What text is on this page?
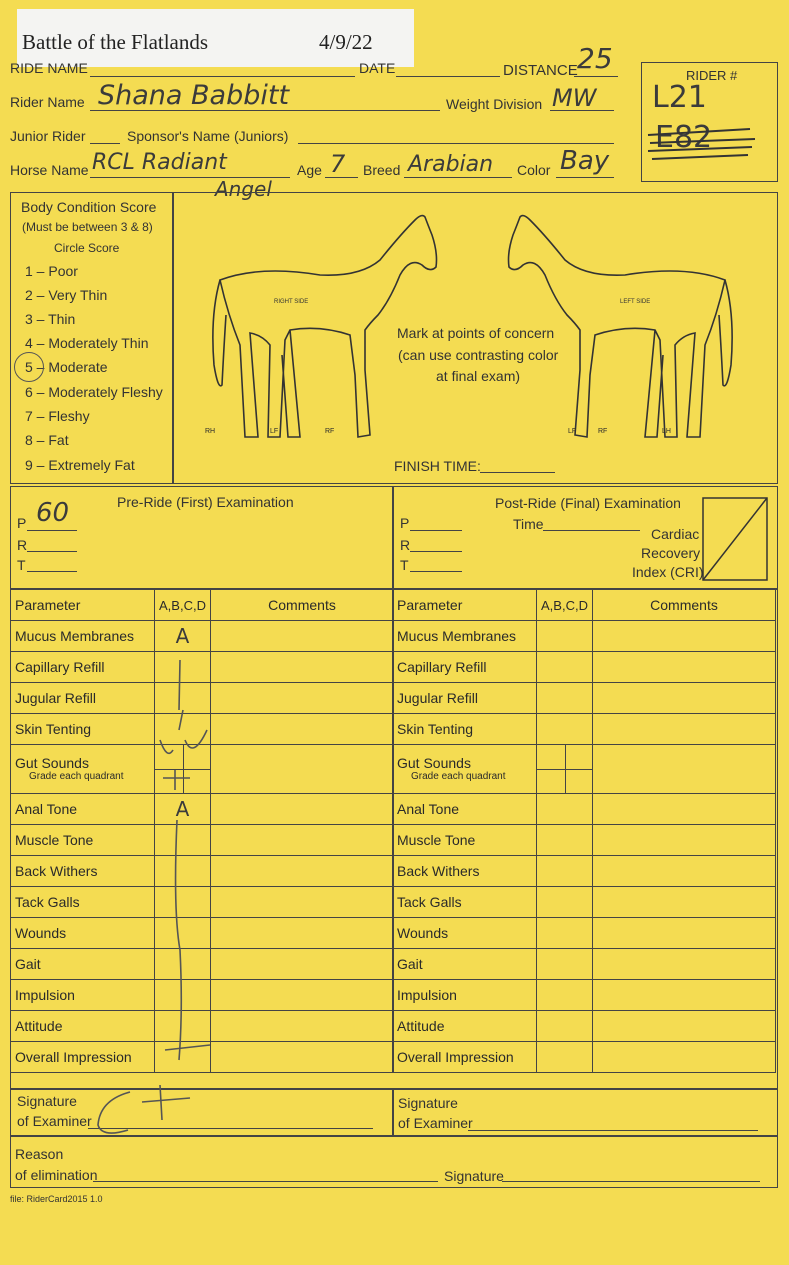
Battle of the Flatlands	4/9/22
RIDE NAME	DATE	DISTANCE 25
RIDER #
L21
E82
Rider Name Shana Babbitt	Weight Division MW
Junior Rider	Sponsor's Name (Juniors)
Horse Name RCL Radiant
Angel
Age 7 Breed Arabian Color Bay
Body Condition Score
(Must be between 3 & 8)
Circle Score
1 – Poor
2 – Very Thin
3 – Thin
4 – Moderately Thin
5 – Moderate
6 – Moderately Fleshy
7 – Fleshy
8 – Fat
9 – Extremely Fat
RIGHT SIDE
RH	LF	RF
LEFT SIDE
LF	RF	LH
Mark at points of concern
(can use contrasting color
at final exam)
FINISH TIME:
Pre-Ride (First) Examination
P 60
R
T
Post-Ride (Final) Examination
P
R
T
Time
Cardiac
Recovery
Index (CRI)
Parameter	A,B,C,D	Comments
Mucus Membranes	A	
Capillary Refill		
Jugular Refill		
Skin Tenting		
Gut Sounds
Grade each quadrant		

Anal Tone	A	
Muscle Tone		
Back Withers		
Tack Galls		
Wounds		
Gait		
Impulsion		
Attitude		
Overall Impression		
Parameter	A,B,C,D	Comments
Mucus Membranes		
Capillary Refill		
Jugular Refill		
Skin Tenting		
Gut Sounds
Grade each quadrant		

Anal Tone		
Muscle Tone		
Back Withers		
Tack Galls		
Wounds		
Gait		
Impulsion		
Attitude		
Overall Impression		
Signature
of Examiner
Signature
of Examiner
Reason
of elimination	Signature
file: RiderCard2015 1.0
